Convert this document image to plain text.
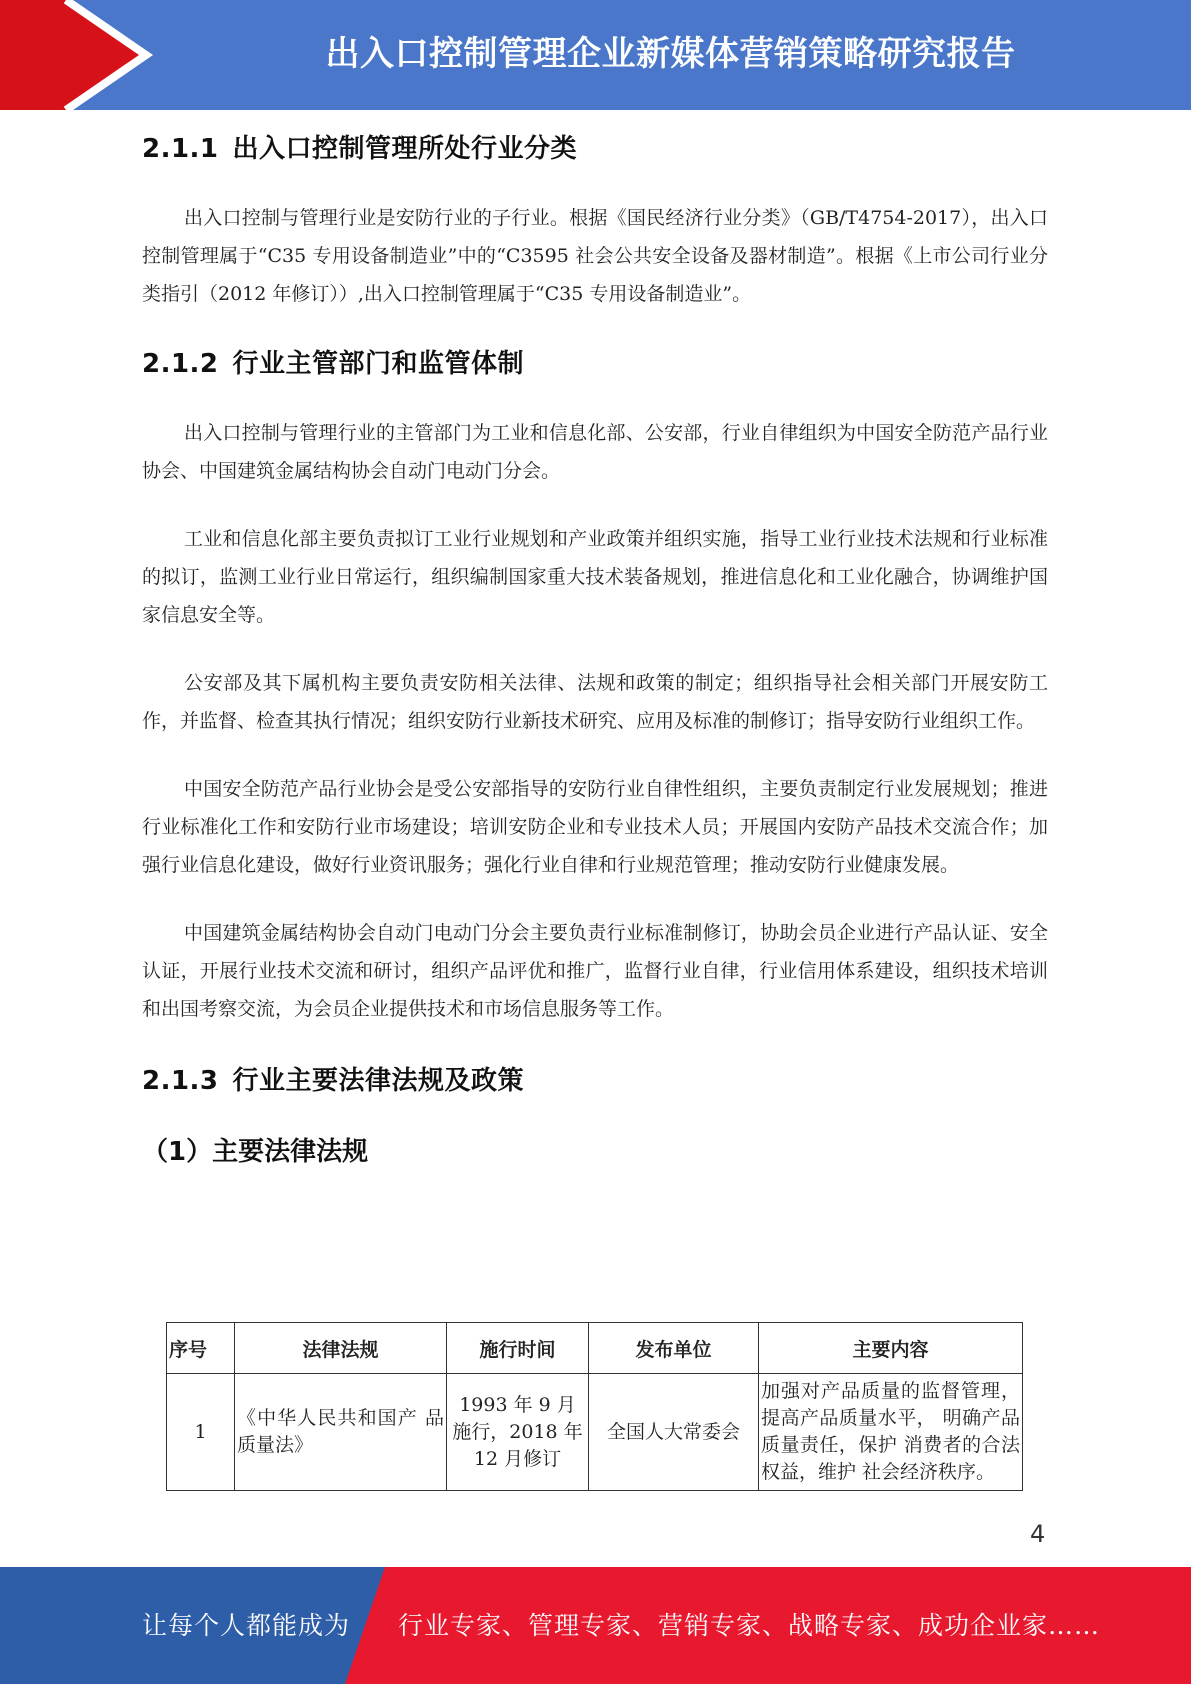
出入口控制管理企业新媒体营销策略研究报告
2.1.1 出入口控制管理所处行业分类

出入口控制与管理行业是安防行业的子行业。根据《国民经济行业分类》（GB/T4754-2017），出入口控制管理属于“C35 专用设备制造业”中的“C3595 社会公共安全设备及器材制造”。根据《上市公司行业分类指引（2012 年修订））,出入口控制管理属于“C35 专用设备制造业”。

2.1.2 行业主管部门和监管体制

出入口控制与管理行业的主管部门为工业和信息化部、公安部，行业自律组织为中国安全防范产品行业协会、中国建筑金属结构协会自动门电动门分会。

工业和信息化部主要负责拟订工业行业规划和产业政策并组织实施，指导工业行业技术法规和行业标准的拟订，监测工业行业日常运行，组织编制国家重大技术装备规划，推进信息化和工业化融合，协调维护国家信息安全等。

公安部及其下属机构主要负责安防相关法律、法规和政策的制定；组织指导社会相关部门开展安防工作，并监督、检查其执行情况；组织安防行业新技术研究、应用及标准的制修订；指导安防行业组织工作。

中国安全防范产品行业协会是受公安部指导的安防行业自律性组织，主要负责制定行业发展规划；推进行业标准化工作和安防行业市场建设；培训安防企业和专业技术人员；开展国内安防产品技术交流合作；加强行业信息化建设，做好行业资讯服务；强化行业自律和行业规范管理；推动安防行业健康发展。

中国建筑金属结构协会自动门电动门分会主要负责行业标准制修订，协助会员企业进行产品认证、安全认证，开展行业技术交流和研讨，组织产品评优和推广，监督行业自律，行业信用体系建设，组织技术培训和出国考察交流，为会员企业提供技术和市场信息服务等工作。

2.1.3 行业主要法律法规及政策
（1）主要法律法规
序号	法律法规	施行时间	发布单位	主要内容
1	《中华人民共和国产 品质量法》	1993 年 9 月 施行，2018 年 12 月修订	全国人大常委会	加强对产品质量的监督管理，提高产品质量水平， 明确产品质量责任，保护 消费者的合法权益，维护 社会经济秩序。
4
让每个人都能成为 行业专家、管理专家、营销专家、战略专家、成功企业家……
